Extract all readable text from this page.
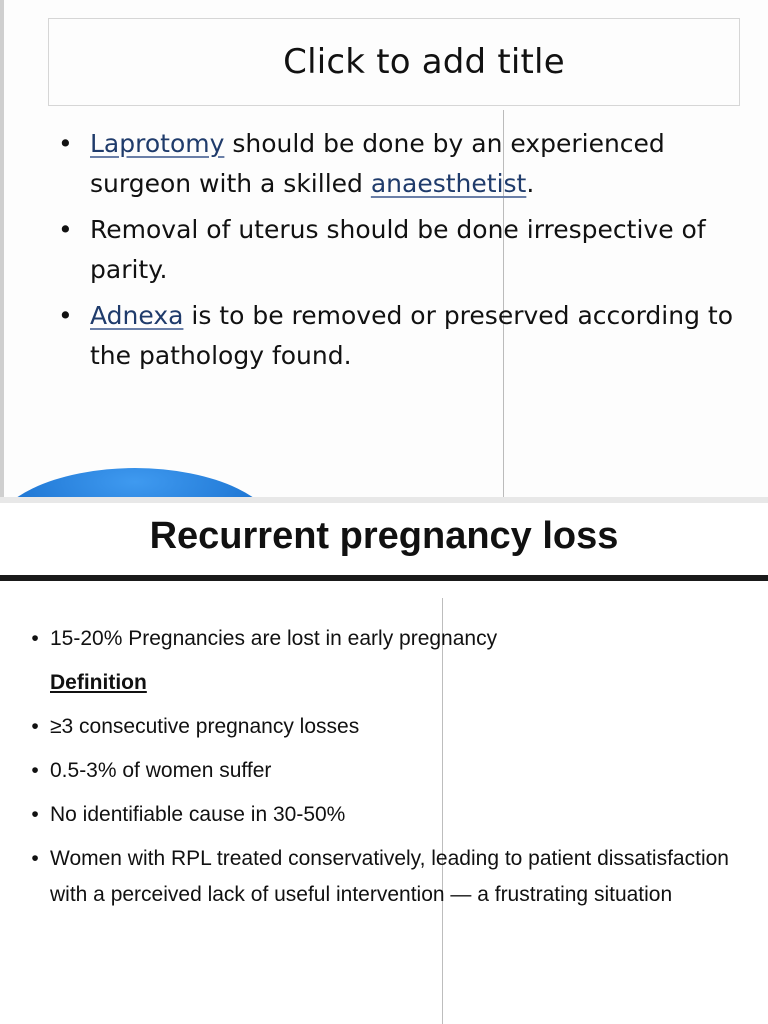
Click to add title
• Laprotomy should be done by an experienced surgeon with a skilled anaesthetist.
• Removal of uterus should be done irrespective of parity.
• Adnexa is to be removed or preserved according to the pathology found.
Recurrent pregnancy loss
• 15-20% Pregnancies are lost in early pregnancy
Definition
• ≥3 consecutive pregnancy losses
• 0.5-3% of women suffer
• No identifiable cause in 30-50%
• Women with RPL treated conservatively, leading to patient dissatisfaction with a perceived lack of useful intervention — a frustrating situation
